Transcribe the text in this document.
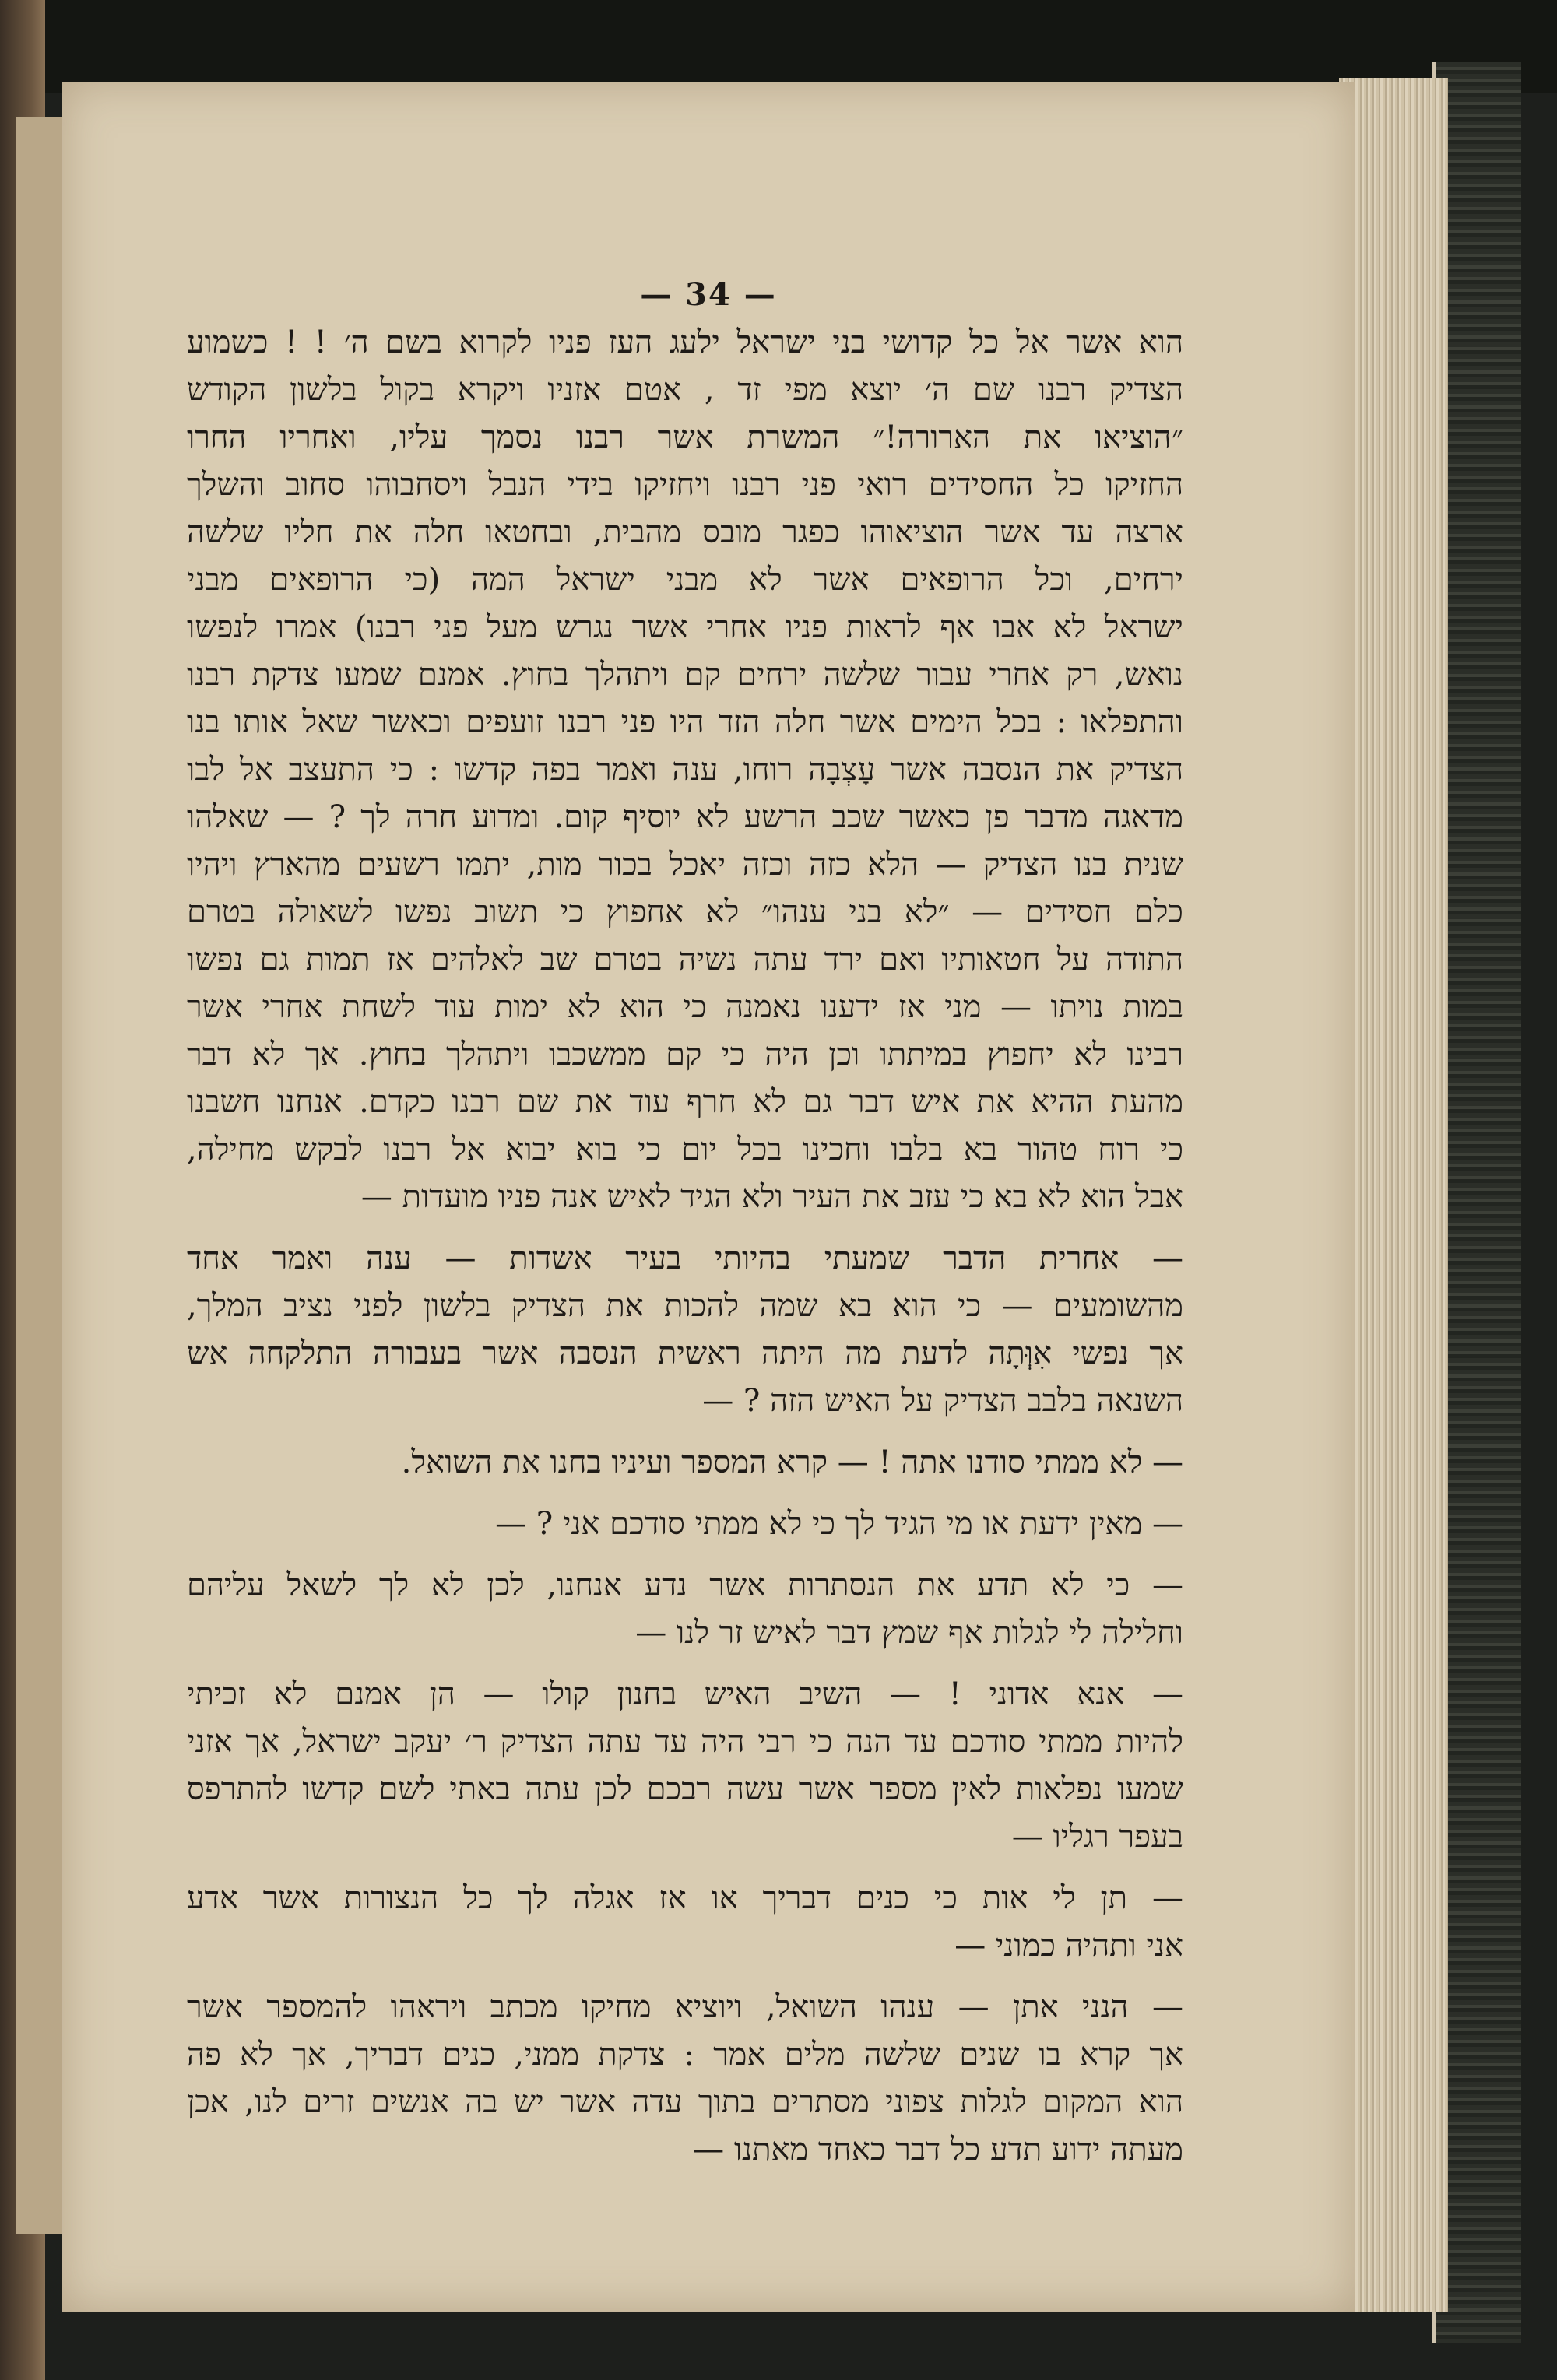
— 34 —
הוא אשר אל כל קדושי בני ישראל ילעג העז פניו לקרוא בשם ה׳ ! ! כשמוע
הצדיק רבנו שם ה׳ יוצא מפי זד , אטם אזניו ויקרא בקול בלשון הקודש
״הוציאו את הארורה!״ המשרת אשר רבנו נסמך עליו, ואחריו החרו
החזיקו כל החסידים רואי פני רבנו ויחזיקו בידי הנבל ויסחבוהו סחוב והשלך
ארצה עד אשר הוציאוהו כפגר מובס מהבית, ובחטאו חלה את חליו שלשה
ירחים, וכל הרופאים אשר לא מבני ישראל המה (כי הרופאים מבני
ישראל לא אבו אף לראות פניו אחרי אשר נגרש מעל פני רבנו) אמרו לנפשו
נואש, רק אחרי עבור שלשה ירחים קם ויתהלך בחוץ. אמנם שמעו צדקת רבנו
והתפלאו : בכל הימים אשר חלה הזד היו פני רבנו זועפים וכאשר שאל אותו בנו
הצדיק את הנסבה אשר עָצְבָה רוחו, ענה ואמר בפה קדשו : כי התעצב אל לבו
מדאגה מדבר פן כאשר שכב הרשע לא יוסיף קום. ומדוע חרה לך ? — שאלהו
שנית בנו הצדיק — הלא כזה וכזה יאכל בכור מות, יתמו רשעים מהארץ ויהיו
כלם חסידים — ״לא בני ענהו״ לא אחפוץ כי תשוב נפשו לשאולה בטרם
התודה על חטאותיו ואם ירד עתה נשיה בטרם שב לאלהים אז תמות גם נפשו
במות נויתו — מני אז ידענו נאמנה כי הוא לא ימות עוד לשחת אחרי אשר
רבינו לא יחפוץ במיתתו וכן היה כי קם ממשכבו ויתהלך בחוץ. אך לא דבר
מהעת ההיא את איש דבר גם לא חרף עוד את שם רבנו כקדם. אנחנו חשבנו
כי רוח טהור בא בלבו וחכינו בכל יום כי בוא יבוא אל רבנו לבקש מחילה,
אבל הוא לא בא כי עזב את העיר ולא הגיד לאיש אנה פניו מועדות —
— אחרית הדבר שמעתי בהיותי בעיר אשדות — ענה ואמר אחד
מהשומעים — כי הוא בא שמה להכות את הצדיק בלשון לפני נציב המלך,
אך נפשי אִוְּתָה לדעת מה היתה ראשית הנסבה אשר בעבורה התלקחה אש
השנאה בלבב הצדיק על האיש הזה ? —
— לא ממתי סודנו אתה ! — קרא המספר ועיניו בחנו את השואל.
— מאין ידעת או מי הגיד לך כי לא ממתי סודכם אני ? —
— כי לא תדע את הנסתרות אשר נדע אנחנו, לכן לא לך לשאל עליהם
וחלילה לי לגלות אף שמץ דבר לאיש זר לנו —
— אנא אדוני ! — השיב האיש בחנון קולו — הן אמנם לא זכיתי
להיות ממתי סודכם עד הנה כי רבי היה עד עתה הצדיק ר׳ יעקב ישראל, אך אזני
שמעו נפלאות לאין מספר אשר עשה רבכם לכן עתה באתי לשם קדשו להתרפס
בעפר רגליו —
— תן לי אות כי כנים דבריך או אז אגלה לך כל הנצורות אשר אדע
אני ותהיה כמוני —
— הנני אתן — ענהו השואל, ויוציא מחיקו מכתב ויראהו להמספר אשר
אך קרא בו שנים שלשה מלים אמר : צדקת ממני, כנים דבריך, אך לא פה
הוא המקום לגלות צפוני מסתרים בתוך עדה אשר יש בה אנשים זרים לנו, אכן
מעתה ידוע תדע כל דבר כאחד מאתנו —
